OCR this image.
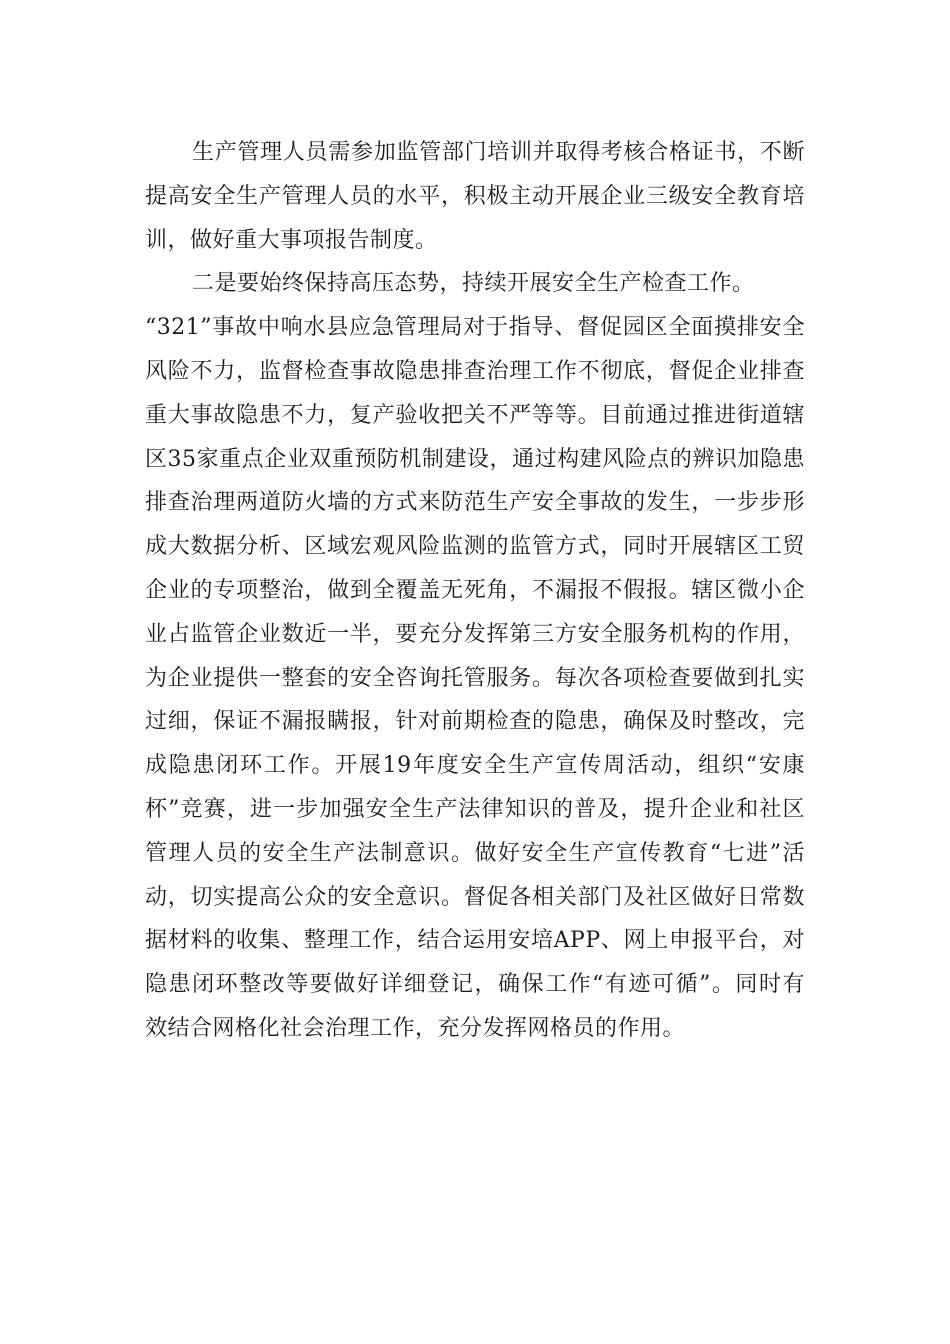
生产管理人员需参加监管部门培训并取得考核合格证书，不断
提高安全生产管理人员的水平，积极主动开展企业三级安全教育培
训，做好重大事项报告制度。
二是要始终保持高压态势，持续开展安全生产检查工作。
“321”事故中响水县应急管理局对于指导、督促园区全面摸排安全
风险不力，监督检查事故隐患排查治理工作不彻底，督促企业排查
重大事故隐患不力，复产验收把关不严等等。目前通过推进街道辖
区35家重点企业双重预防机制建设，通过构建风险点的辨识加隐患
排查治理两道防火墙的方式来防范生产安全事故的发生，一步步形
成大数据分析、区域宏观风险监测的监管方式，同时开展辖区工贸
企业的专项整治，做到全覆盖无死角，不漏报不假报。辖区微小企
业占监管企业数近一半，要充分发挥第三方安全服务机构的作用，
为企业提供一整套的安全咨询托管服务。每次各项检查要做到扎实
过细，保证不漏报瞒报，针对前期检查的隐患，确保及时整改，完
成隐患闭环工作。开展19年度安全生产宣传周活动，组织“安康
杯”竞赛，进一步加强安全生产法律知识的普及，提升企业和社区
管理人员的安全生产法制意识。做好安全生产宣传教育“七进”活
动，切实提高公众的安全意识。督促各相关部门及社区做好日常数
据材料的收集、整理工作，结合运用安培APP、网上申报平台，对
隐患闭环整改等要做好详细登记，确保工作“有迹可循”。同时有
效结合网格化社会治理工作，充分发挥网格员的作用。
